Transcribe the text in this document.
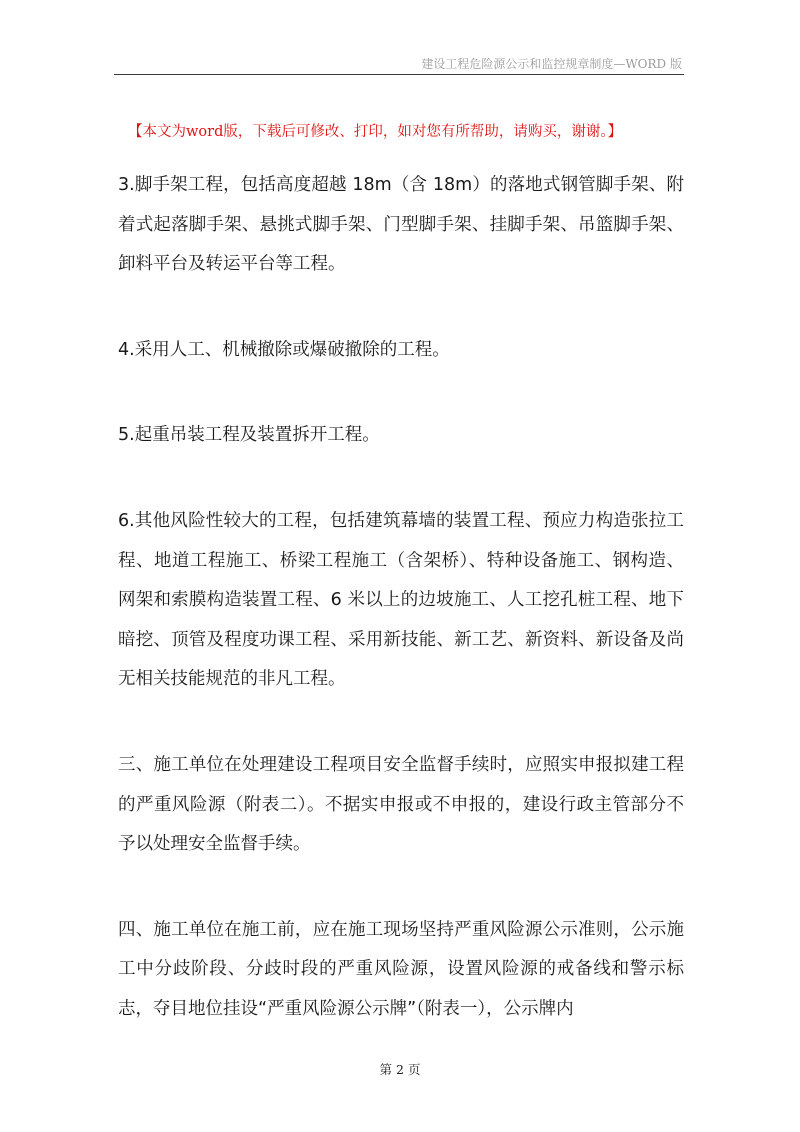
建设工程危险源公示和监控规章制度—WORD 版
【本文为word版，下载后可修改、打印，如对您有所帮助，请购买，谢谢。】

3.脚手架工程，包括高度超越 18m（含 18m）的落地式钢管脚手架、附着式起落脚手架、悬挑式脚手架、门型脚手架、挂脚手架、吊篮脚手架、卸料平台及转运平台等工程。

4.采用人工、机械撤除或爆破撤除的工程。

5.起重吊装工程及装置拆开工程。

6.其他风险性较大的工程，包括建筑幕墙的装置工程、预应力构造张拉工程、地道工程施工、桥梁工程施工（含架桥）、特种设备施工、钢构造、网架和索膜构造装置工程、6 米以上的边坡施工、人工挖孔桩工程、地下暗挖、顶管及程度功课工程、采用新技能、新工艺、新资料、新设备及尚无相关技能规范的非凡工程。

三、施工单位在处理建设工程项目安全监督手续时，应照实申报拟建工程的严重风险源（附表二）。不据实申报或不申报的，建设行政主管部分不予以处理安全监督手续。

四、施工单位在施工前，应在施工现场坚持严重风险源公示准则，公示施工中分歧阶段、分歧时段的严重风险源，设置风险源的戒备线和警示标志，夺目地位挂设“严重风险源公示牌”（附表一），公示牌内

第 2 页
